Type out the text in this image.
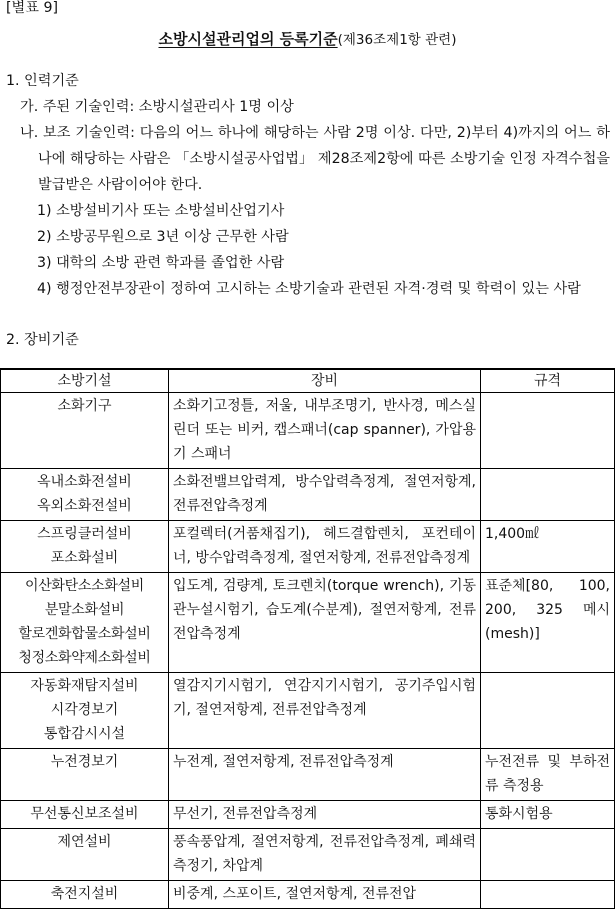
[별표 9]
소방시설관리업의 등록기준(제36조제1항 관련)
1. 인력기준
가. 주된 기술인력: 소방시설관리사 1명 이상
나. 보조 기술인력: 다음의 어느 하나에 해당하는 사람 2명 이상. 다만, 2)부터 4)까지의 어느 하나에 해당하는 사람은 「소방시설공사업법」 제28조제2항에 따른 소방기술 인정 자격수첩을 발급받은 사람이어야 한다.
1) 소방설비기사 또는 소방설비산업기사
2) 소방공무원으로 3년 이상 근무한 사람
3) 대학의 소방 관련 학과를 졸업한 사람
4) 행정안전부장관이 정하여 고시하는 소방기술과 관련된 자격·경력 및 학력이 있는 사람
2. 장비기준
소방기설	장비	규격

소화기구	소화기고정틀, 저울, 내부조명기, 반사경, 메스실린더 또는 비커, 캡스패너(cap spanner), 가압용기 스패너	

옥내소화전설비
옥외소화전설비	소화전밸브압력계, 방수압력측정계, 절연저항계, 전류전압측정계	

스프링클러설비
포소화설비	포컬렉터(거품채집기), 헤드결합렌치, 포컨테이너, 방수압력측정계, 절연저항계, 전류전압측정계	1,400㎖

이산화탄소소화설비
분말소화설비
할로겐화합물소화설비
청정소화약제소화설비	입도계, 검량계, 토크렌치(torque wrench), 기동관누설시험기, 습도계(수분계), 절연저항계, 전류전압측정계	표준체[80, 100, 200, 325 메시(mesh)]

자동화재탐지설비
시각경보기
통합감시시설	열감지기시험기, 연감지기시험기, 공기주입시험기, 절연저항계, 전류전압측정계	

누전경보기	누전계, 절연저항계, 전류전압측정계	누전전류 및 부하전류 측정용

무선통신보조설비	무선기, 전류전압측정계	통화시험용

제연설비	풍속풍압계, 절연저항계, 전류전압측정계, 폐쇄력측정기, 차압계	

축전지설비	비중계, 스포이트, 절연저항계, 전류전압	
